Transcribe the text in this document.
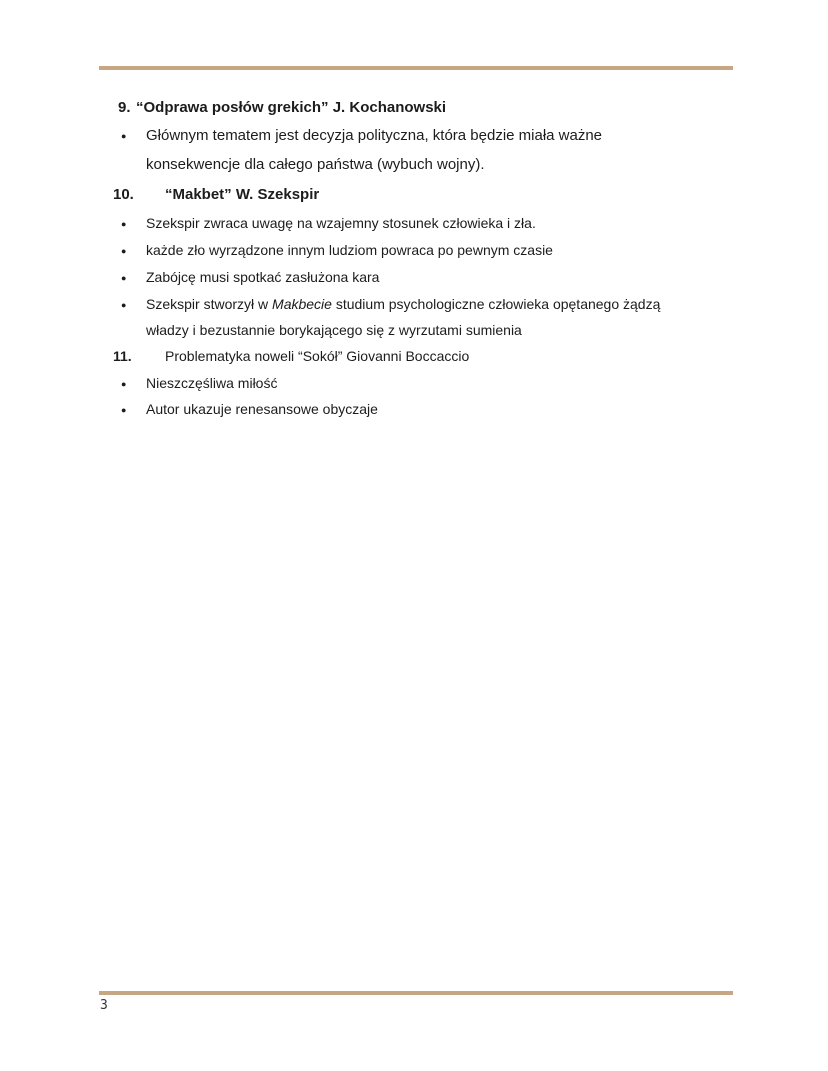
9. “Odprawa posłów grekich” J. Kochanowski
● Głównym tematem jest decyzja polityczna, która będzie miała ważne
konsekwencje dla całego państwa (wybuch wojny).
10. “Makbet” W. Szekspir
● Szekspir zwraca uwagę na wzajemny stosunek człowieka i zła.
● każde zło wyrządzone innym ludziom powraca po pewnym czasie
● Zabójcę musi spotkać zasłużona kara
● Szekspir stworzył w Makbecie studium psychologiczne człowieka opętanego żądzą
władzy i bezustannie borykającego się z wyrzutami sumienia
11. Problematyka noweli “Sokół” Giovanni Boccaccio
● Nieszczęśliwa miłość
● Autor ukazuje renesansowe obyczaje
3
